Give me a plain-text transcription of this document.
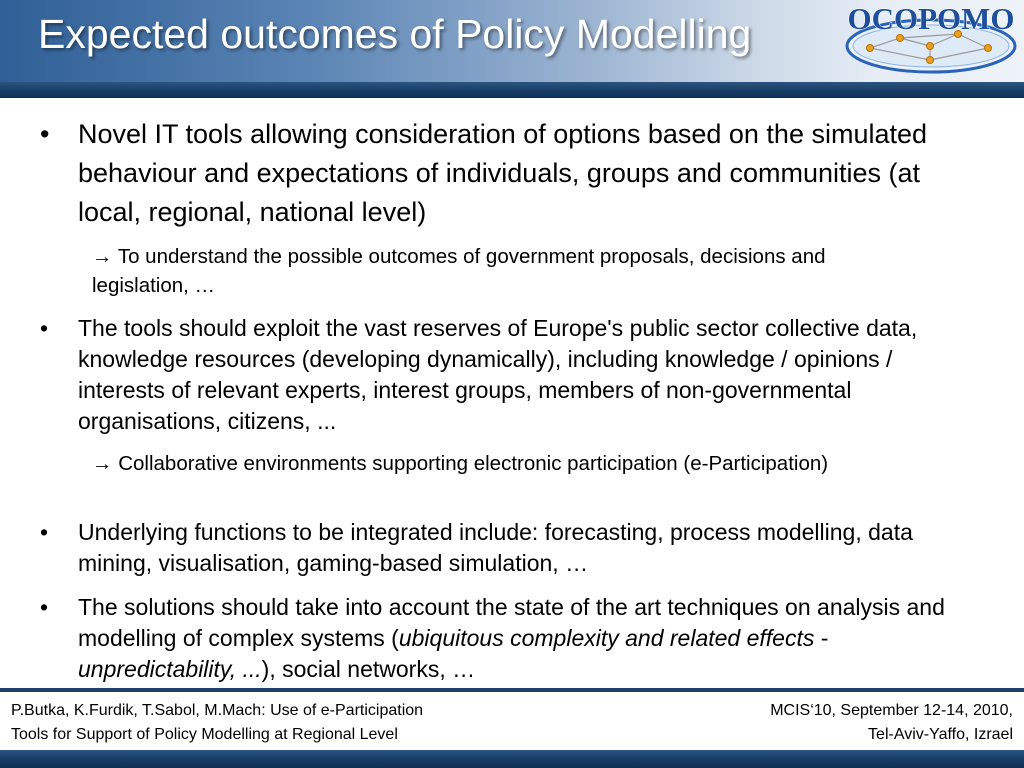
Expected outcomes of Policy Modelling	OCOPOMO
• Novel IT tools allowing consideration of options based on the simulated behaviour and expectations of individuals, groups and communities (at local, regional, national level)
→ To understand the possible outcomes of government proposals, decisions and legislation, …
• The tools should exploit the vast reserves of Europe's public sector collective data, knowledge resources (developing dynamically), including knowledge / opinions / interests of relevant experts, interest groups, members of non-governmental organisations, citizens, ...
→ Collaborative environments supporting electronic participation (e-Participation)
• Underlying functions to be integrated include: forecasting, process modelling, data mining, visualisation, gaming-based simulation, …
• The solutions should take into account the state of the art techniques on analysis and modelling of complex systems (ubiquitous complexity and related effects - unpredictability, ...), social networks, …
P.Butka, K.Furdik, T.Sabol, M.Mach: Use of e-Participation
Tools for Support of Policy Modelling at Regional Level
MCIS‘10, September 12-14, 2010,
Tel-Aviv-Yaffo, Izrael
